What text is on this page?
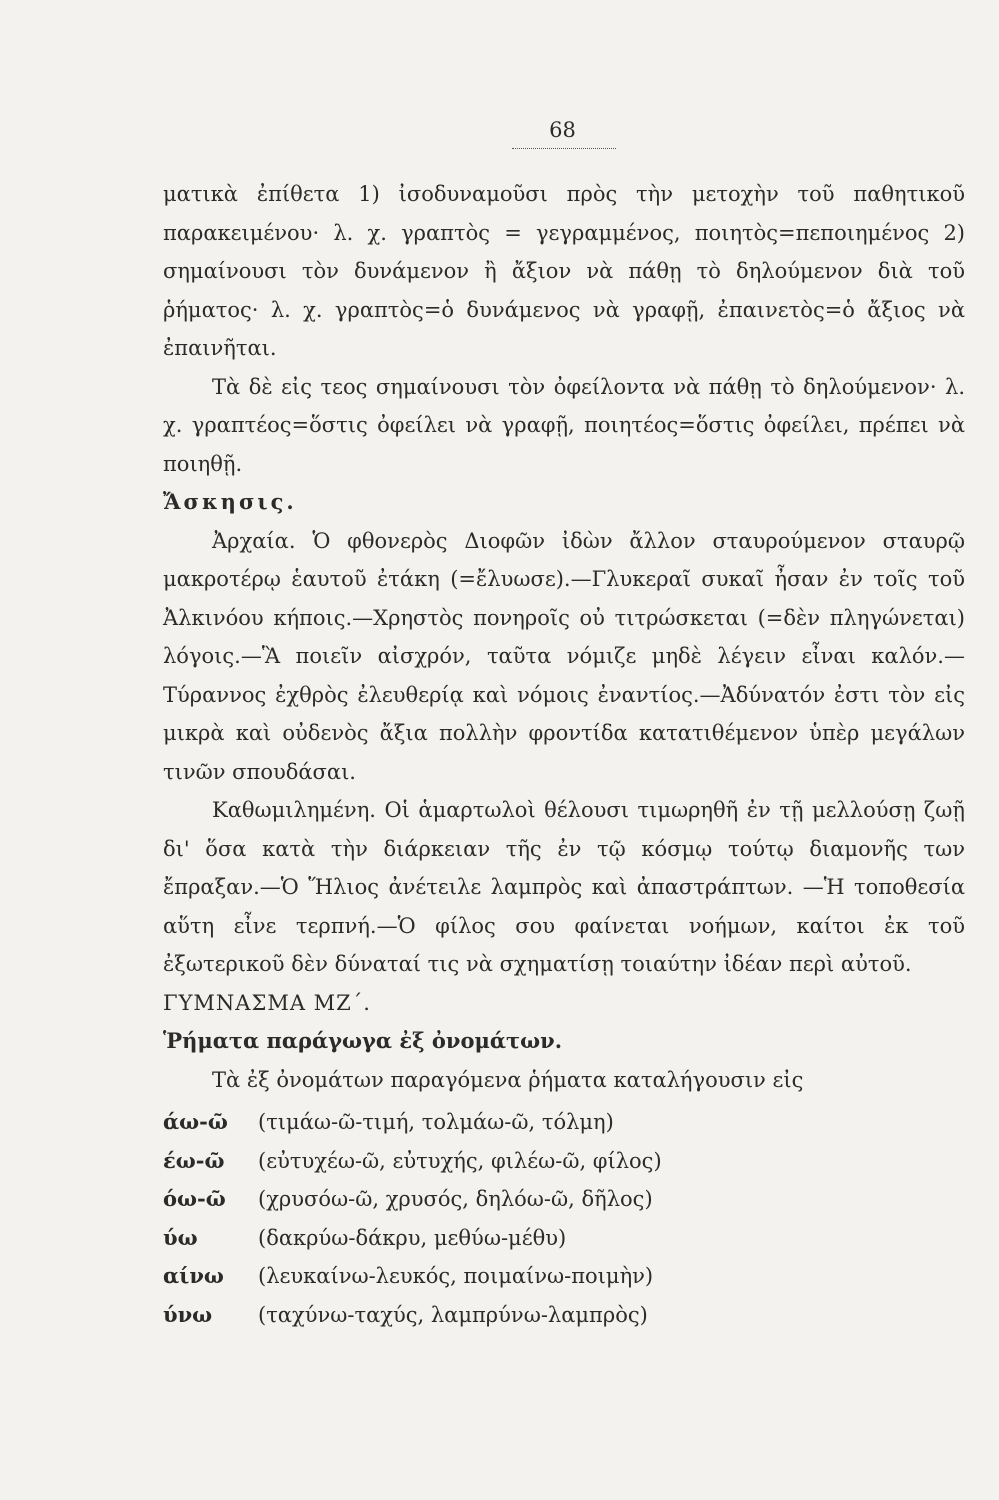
68

ματικὰ ἐπίθετα 1) ἰσοδυναμοῦσι πρὸς τὴν μετοχὴν τοῦ παθητικοῦ παρακειμένου· λ. χ. γραπτὸς = γεγραμμένος, ποιητὸς=πεποιημένος 2) σημαίνουσι τὸν δυνάμενον ἢ ἄξιον νὰ πάθῃ τὸ δηλούμενον διὰ τοῦ ῥήματος· λ. χ. γραπτὸς=ὁ δυνάμενος νὰ γραφῇ, ἐπαινετὸς=ὁ ἄξιος νὰ ἐπαινῆται.

Τὰ δὲ εἰς τεος σημαίνουσι τὸν ὀφείλοντα νὰ πάθῃ τὸ δηλούμενον· λ. χ. γραπτέος=ὅστις ὀφείλει νὰ γραφῇ, ποιητέος=ὅστις ὀφείλει, πρέπει νὰ ποιηθῇ.

Ἄσκησις.

Ἀρχαία. Ὁ φθονερὸς Διοφῶν ἰδὼν ἄλλον σταυρούμενον σταυρῷ μακροτέρῳ ἑαυτοῦ ἐτάκη (=ἔλυωσε).—Γλυκεραῖ συκαῖ ἦσαν ἐν τοῖς τοῦ Ἀλκινόου κήποις.—Χρηστὸς πονηροῖς οὐ τιτρώσκεται (=δὲν πληγώνεται) λόγοις.—Ἃ ποιεῖν αἰσχρόν, ταῦτα νόμιζε μηδὲ λέγειν εἶναι καλόν.—Τύραννος ἐχθρὸς ἐλευθερίᾳ καὶ νόμοις ἐναντίος.—Ἀδύνατόν ἐστι τὸν εἰς μικρὰ καὶ οὐδενὸς ἄξια πολλὴν φροντίδα κατατιθέμενον ὑπὲρ μεγάλων τινῶν σπουδάσαι.

Καθωμιλημένη. Οἱ ἁμαρτωλοὶ θέλουσι τιμωρηθῆ ἐν τῇ μελλούσῃ ζωῇ δι' ὅσα κατὰ τὴν διάρκειαν τῆς ἐν τῷ κόσμῳ τούτῳ διαμονῆς των ἔπραξαν.—Ὁ Ἥλιος ἀνέτειλε λαμπρὸς καὶ ἀπαστράπτων. —Ἡ τοποθεσία αὕτη εἶνε τερπνή.—Ὁ φίλος σου φαίνεται νοήμων, καίτοι ἐκ τοῦ ἐξωτερικοῦ δὲν δύναταί τις νὰ σχηματίσῃ τοιαύτην ἰδέαν περὶ αὐτοῦ.

ΓΥΜΝΑΣΜΑ ΜΖ΄.

Ῥήματα παράγωγα ἐξ ὀνομάτων.

Τὰ ἐξ ὀνομάτων παραγόμενα ῥήματα καταλήγουσιν εἰς

άω-ῶ	(τιμάω-ῶ-τιμή, τολμάω-ῶ, τόλμη)
έω-ῶ	(εὐτυχέω-ῶ, εὐτυχής, φιλέω-ῶ, φίλος)
όω-ῶ	(χρυσόω-ῶ, χρυσός, δηλόω-ῶ, δῆλος)
ύω	(δακρύω-δάκρυ, μεθύω-μέθυ)
αίνω	(λευκαίνω-λευκός, ποιμαίνω-ποιμὴν)
ύνω	(ταχύνω-ταχύς, λαμπρύνω-λαμπρὸς)
